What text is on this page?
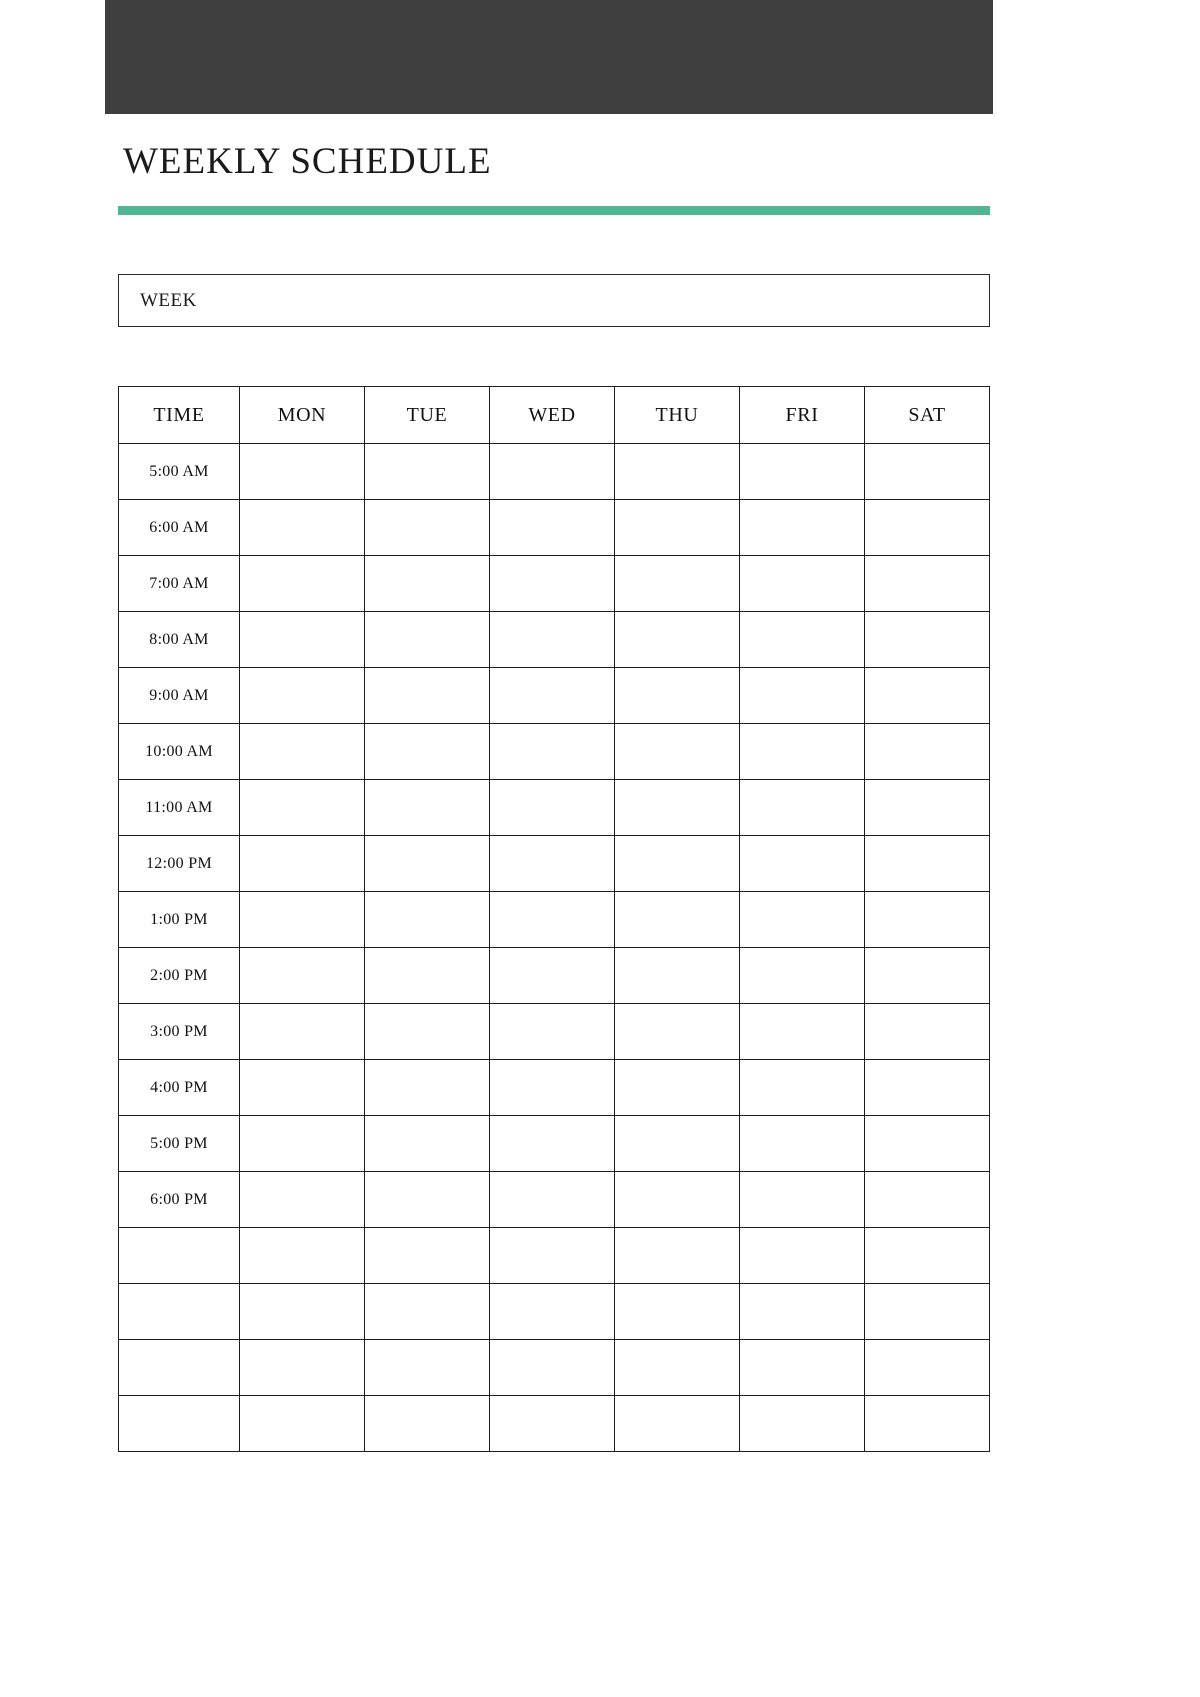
WEEKLY SCHEDULE
WEEK
TIME	MON	TUE	WED	THU	FRI	SAT
5:00 AM						
6:00 AM						
7:00 AM						
8:00 AM						
9:00 AM						
10:00 AM						
11:00 AM						
12:00 PM						
1:00 PM						
2:00 PM						
3:00 PM						
4:00 PM						
5:00 PM						
6:00 PM						
